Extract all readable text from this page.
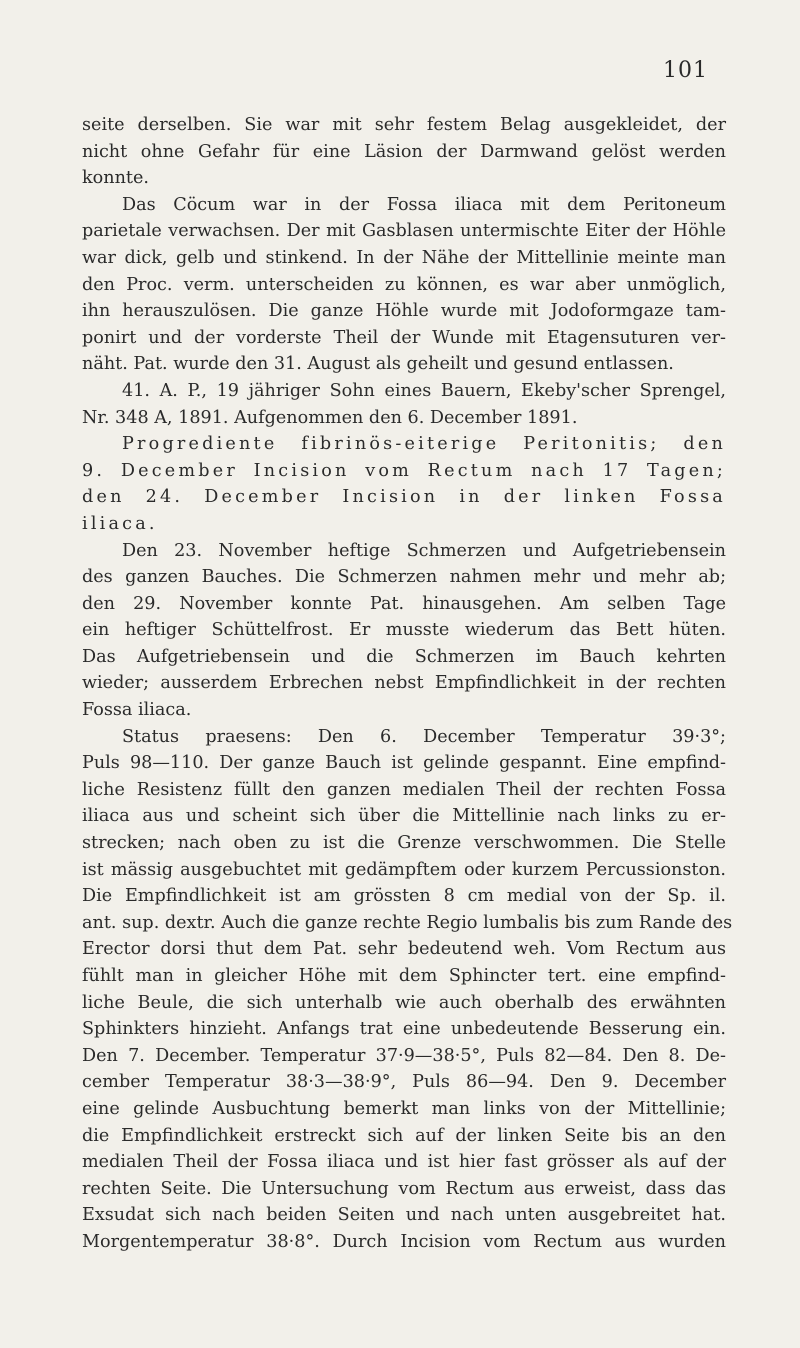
101
seite derselben. Sie war mit sehr festem Belag ausgekleidet, der
nicht ohne Gefahr für eine Läsion der Darmwand gelöst werden
konnte.
Das Cöcum war in der Fossa iliaca mit dem Peritoneum
parietale verwachsen. Der mit Gasblasen untermischte Eiter der Höhle
war dick, gelb und stinkend. In der Nähe der Mittellinie meinte man
den Proc. verm. unterscheiden zu können, es war aber unmöglich,
ihn herauszulösen. Die ganze Höhle wurde mit Jodoformgaze tam-
ponirt und der vorderste Theil der Wunde mit Etagensuturen ver-
näht. Pat. wurde den 31. August als geheilt und gesund entlassen.
41. A. P., 19 jähriger Sohn eines Bauern, Ekeby'scher Sprengel,
Nr. 348 A, 1891. Aufgenommen den 6. December 1891.
Progrediente fibrinös-eiterige Peritonitis; den
9. December Incision vom Rectum nach 17 Tagen;
den 24. December Incision in der linken Fossa
iliaca.
Den 23. November heftige Schmerzen und Aufgetriebensein
des ganzen Bauches. Die Schmerzen nahmen mehr und mehr ab;
den 29. November konnte Pat. hinausgehen. Am selben Tage
ein heftiger Schüttelfrost. Er musste wiederum das Bett hüten.
Das Aufgetriebensein und die Schmerzen im Bauch kehrten
wieder; ausserdem Erbrechen nebst Empfindlichkeit in der rechten
Fossa iliaca.
Status praesens: Den 6. December Temperatur 39·3°;
Puls 98—110. Der ganze Bauch ist gelinde gespannt. Eine empfind-
liche Resistenz füllt den ganzen medialen Theil der rechten Fossa
iliaca aus und scheint sich über die Mittellinie nach links zu er-
strecken; nach oben zu ist die Grenze verschwommen. Die Stelle
ist mässig ausgebuchtet mit gedämpftem oder kurzem Percussionston.
Die Empfindlichkeit ist am grössten 8 cm medial von der Sp. il.
ant. sup. dextr. Auch die ganze rechte Regio lumbalis bis zum Rande des
Erector dorsi thut dem Pat. sehr bedeutend weh. Vom Rectum aus
fühlt man in gleicher Höhe mit dem Sphincter tert. eine empfind-
liche Beule, die sich unterhalb wie auch oberhalb des erwähnten
Sphinkters hinzieht. Anfangs trat eine unbedeutende Besserung ein.
Den 7. December. Temperatur 37·9—38·5°, Puls 82—84. Den 8. De-
cember Temperatur 38·3—38·9°, Puls 86—94. Den 9. December
eine gelinde Ausbuchtung bemerkt man links von der Mittellinie;
die Empfindlichkeit erstreckt sich auf der linken Seite bis an den
medialen Theil der Fossa iliaca und ist hier fast grösser als auf der
rechten Seite. Die Untersuchung vom Rectum aus erweist, dass das
Exsudat sich nach beiden Seiten und nach unten ausgebreitet hat.
Morgentemperatur 38·8°. Durch Incision vom Rectum aus wurden
